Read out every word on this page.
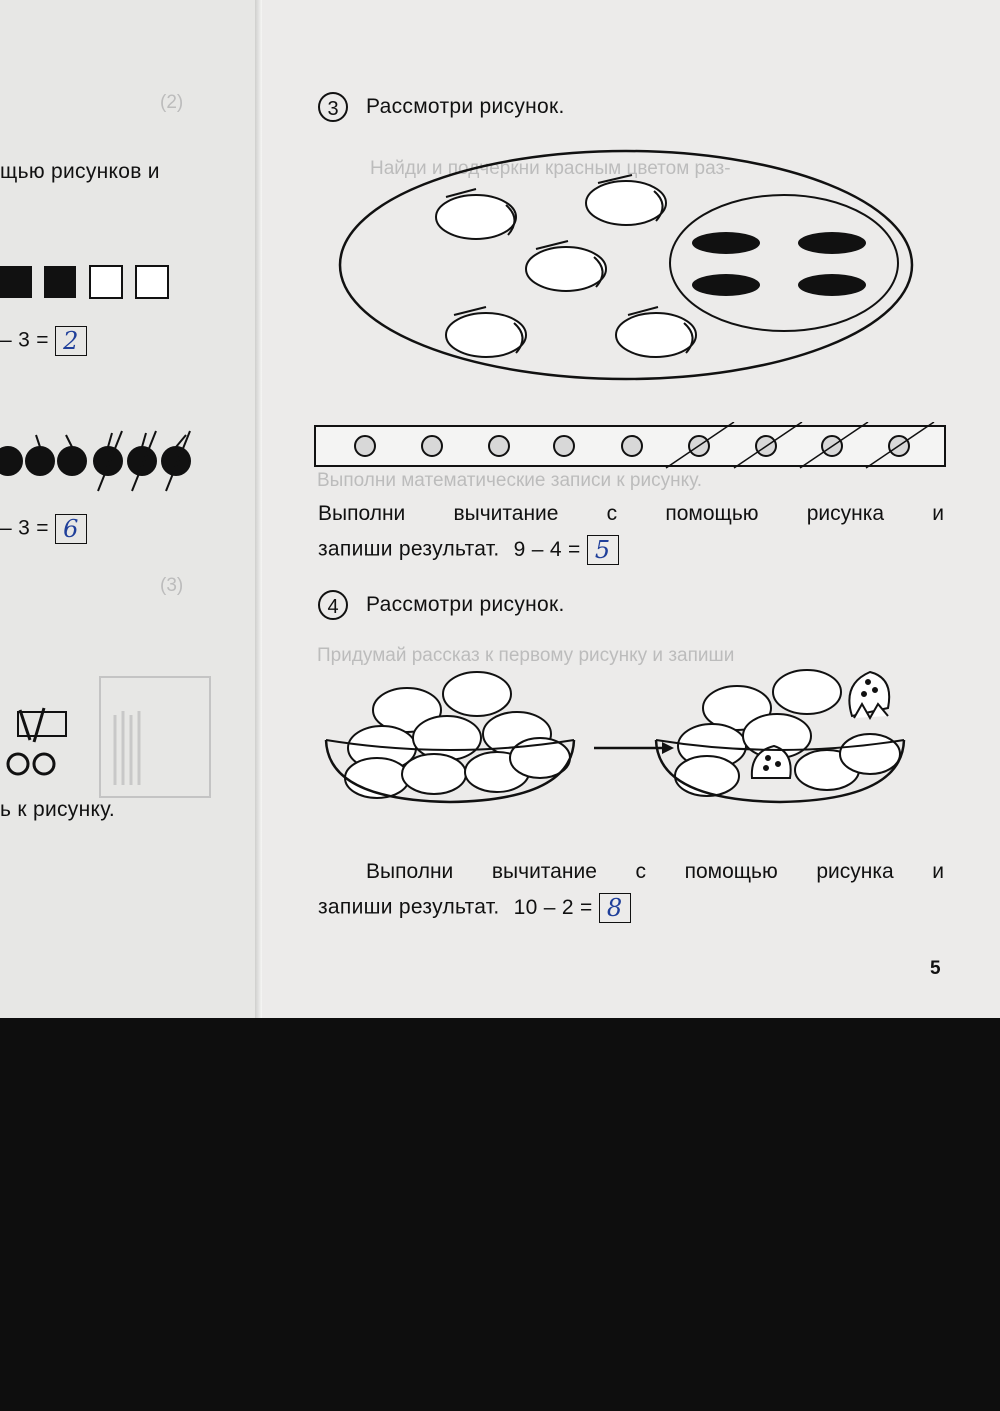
(2)
(3)
щью рисунков и
– 3 = 2
– 3 = 6
ь к рисунку.
Найди и подчеркни красным цветом раз-
Выполни математические записи к рисунку.
Придумай рассказ к первому рисунку и запиши
3	Рассмотри рисунок.
Выполни вычитание с помощью рисунка и
запиши результат. 9 – 4 = 5
4	Рассмотри рисунок.
Выполни вычитание с помощью рисунка и
запиши результат. 10 – 2 = 8
5
